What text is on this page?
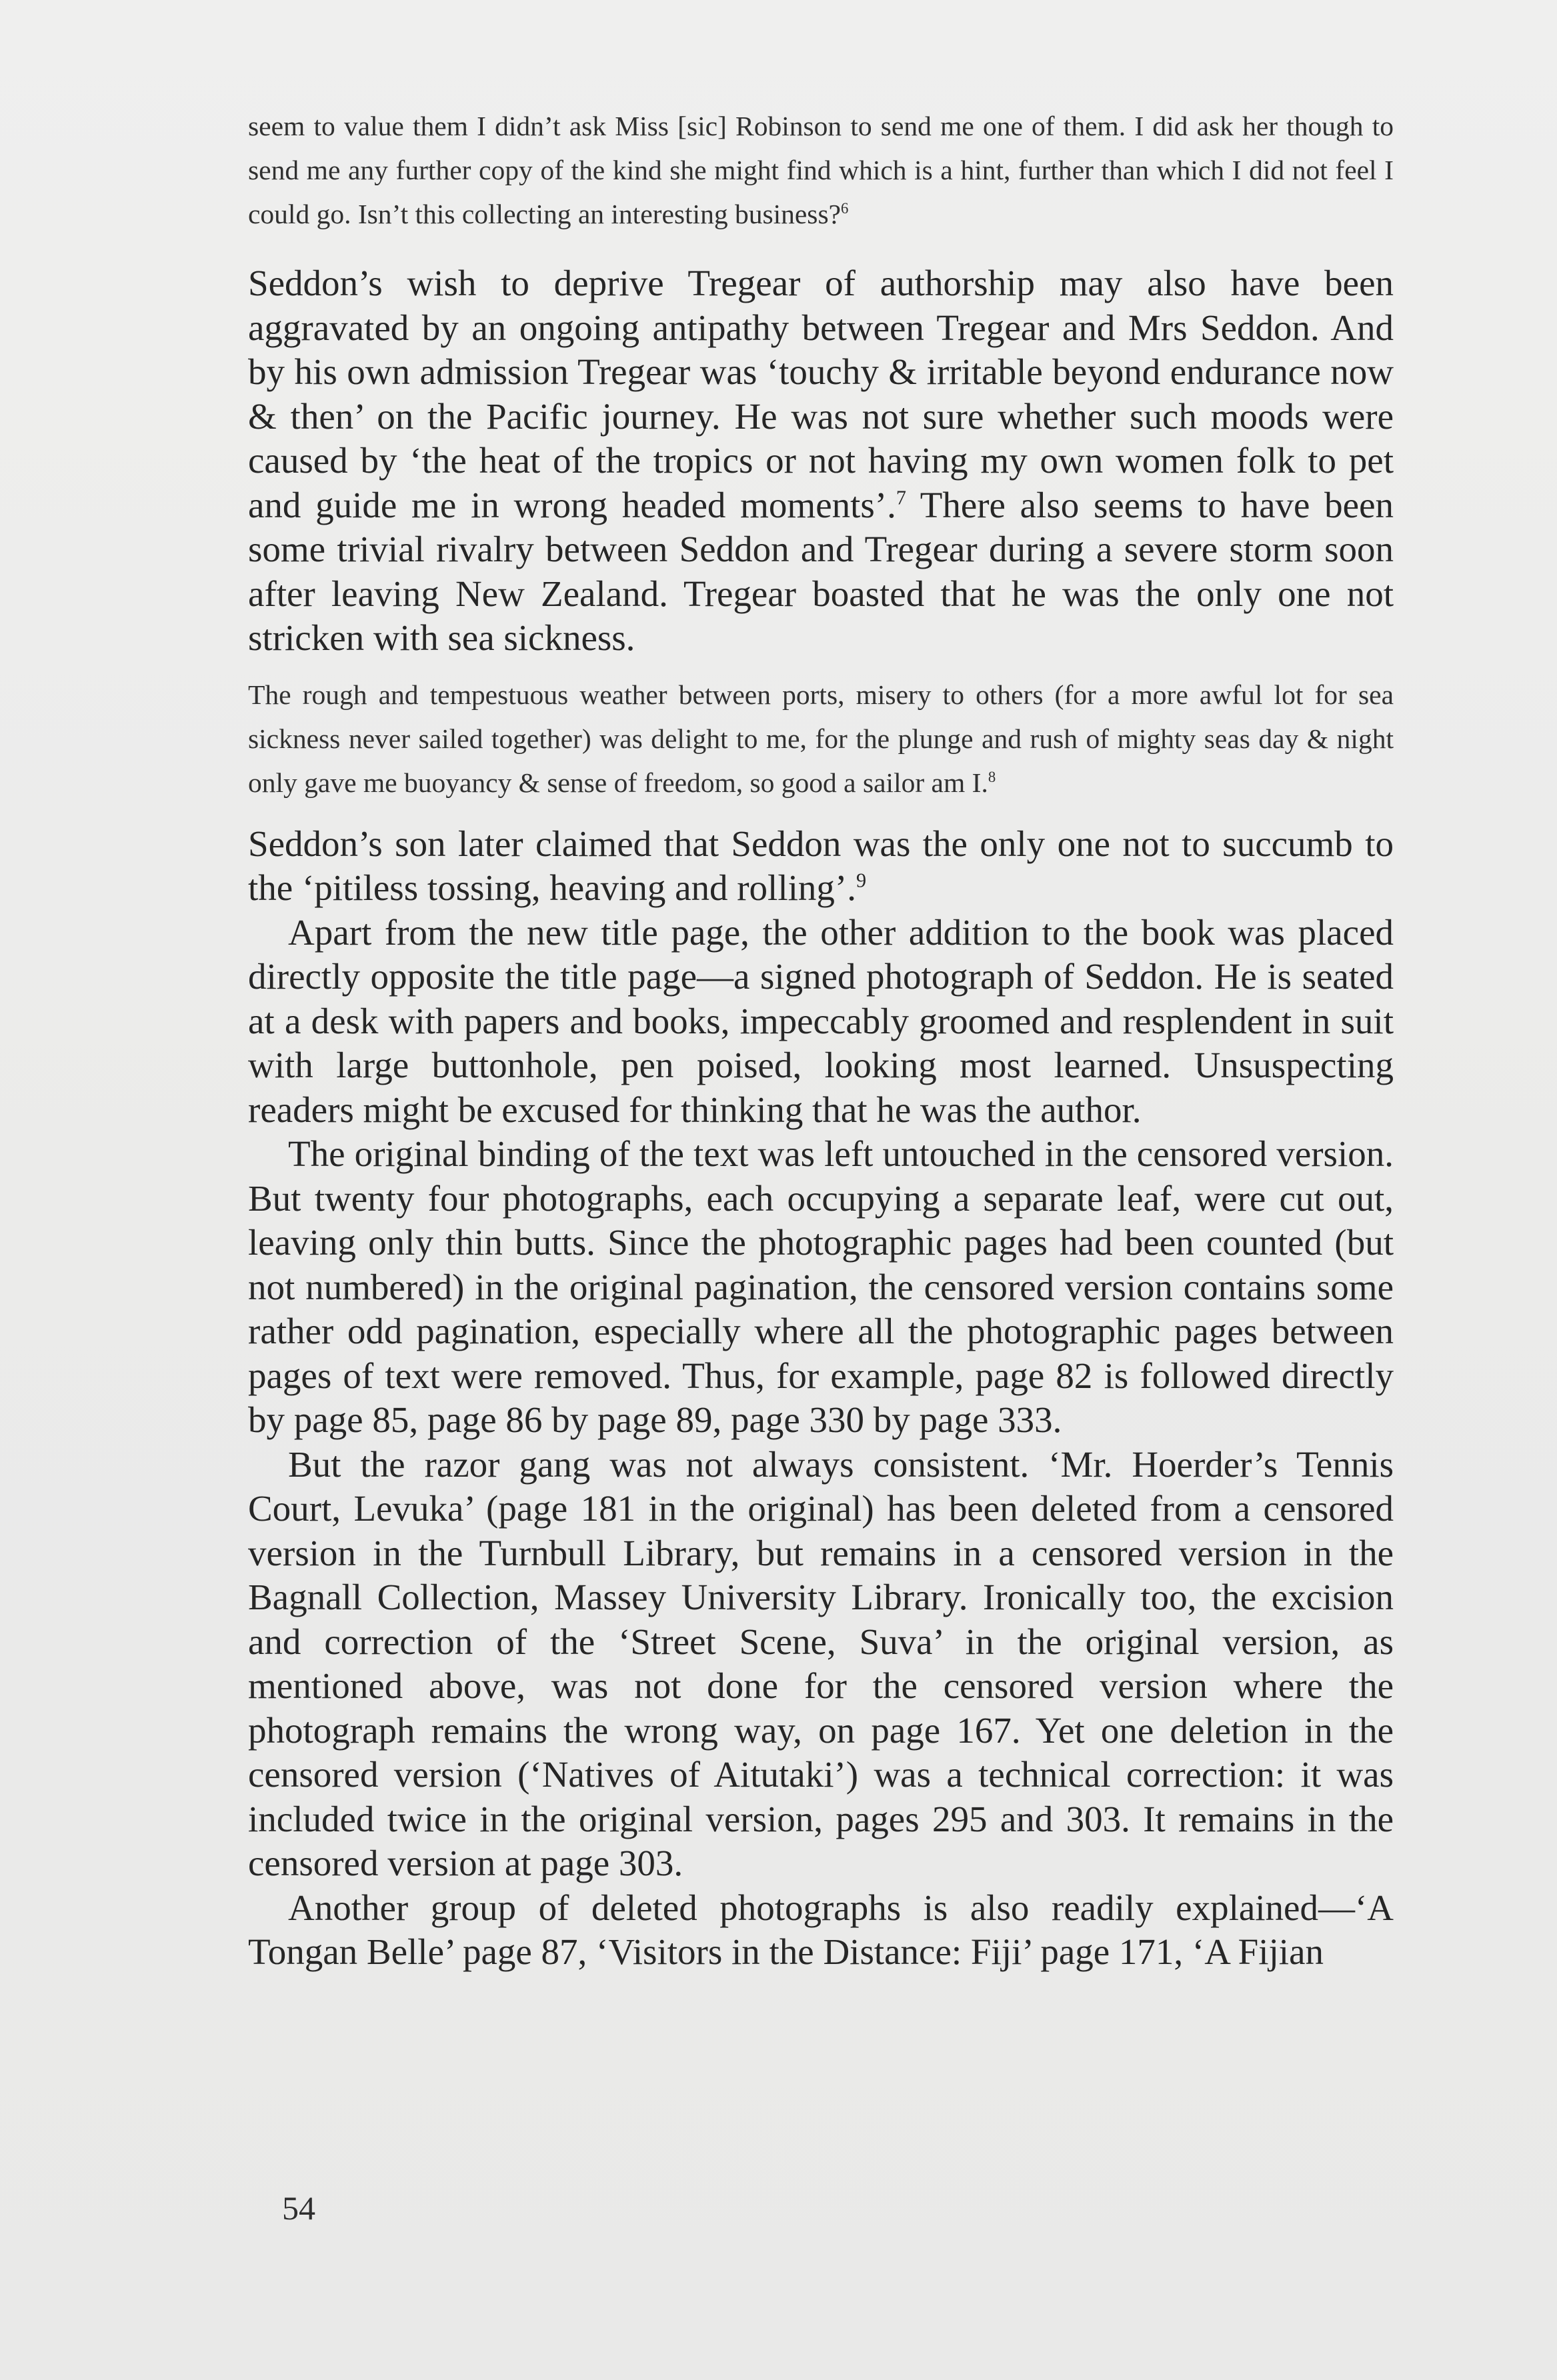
seem to value them I didn’t ask Miss [sic] Robinson to send me one of them. I did ask her though to send me any further copy of the kind she might find which is a hint, further than which I did not feel I could go. Isn’t this collecting an interesting business?$^6$

Seddon’s wish to deprive Tregear of authorship may also have been aggravated by an ongoing antipathy between Tregear and Mrs Seddon. And by his own admission Tregear was ‘touchy & irritable beyond endurance now & then’ on the Pacific journey. He was not sure whether such moods were caused by ‘the heat of the tropics or not having my own women folk to pet and guide me in wrong headed moments’.$^7$ There also seems to have been some trivial rivalry between Seddon and Tregear during a severe storm soon after leaving New Zealand. Tregear boasted that he was the only one not stricken with sea sickness.

The rough and tempestuous weather between ports, misery to others (for a more awful lot for sea sickness never sailed together) was delight to me, for the plunge and rush of mighty seas day & night only gave me buoyancy & sense of freedom, so good a sailor am I.$^8$

Seddon’s son later claimed that Seddon was the only one not to succumb to the ‘pitiless tossing, heaving and rolling’.$^9$

Apart from the new title page, the other addition to the book was placed directly opposite the title page—a signed photograph of Seddon. He is seated at a desk with papers and books, impeccably groomed and resplendent in suit with large buttonhole, pen poised, looking most learned. Unsuspecting readers might be excused for thinking that he was the author.

The original binding of the text was left untouched in the censored version. But twenty four photographs, each occupying a separate leaf, were cut out, leaving only thin butts. Since the photographic pages had been counted (but not numbered) in the original pagination, the censored version contains some rather odd pagination, especially where all the photographic pages between pages of text were removed. Thus, for example, page 82 is followed directly by page 85, page 86 by page 89, page 330 by page 333.

But the razor gang was not always consistent. ‘Mr. Hoerder’s Tennis Court, Levuka’ (page 181 in the original) has been deleted from a censored version in the Turnbull Library, but remains in a censored version in the Bagnall Collection, Massey University Library. Ironically too, the excision and correction of the ‘Street Scene, Suva’ in the original version, as mentioned above, was not done for the censored version where the photograph remains the wrong way, on page 167. Yet one deletion in the censored version (‘Natives of Aitutaki’) was a technical correction: it was included twice in the original version, pages 295 and 303. It remains in the censored version at page 303.

Another group of deleted photographs is also readily explained—‘A Tongan Belle’ page 87, ‘Visitors in the Distance: Fiji’ page 171, ‘A Fijian

54
